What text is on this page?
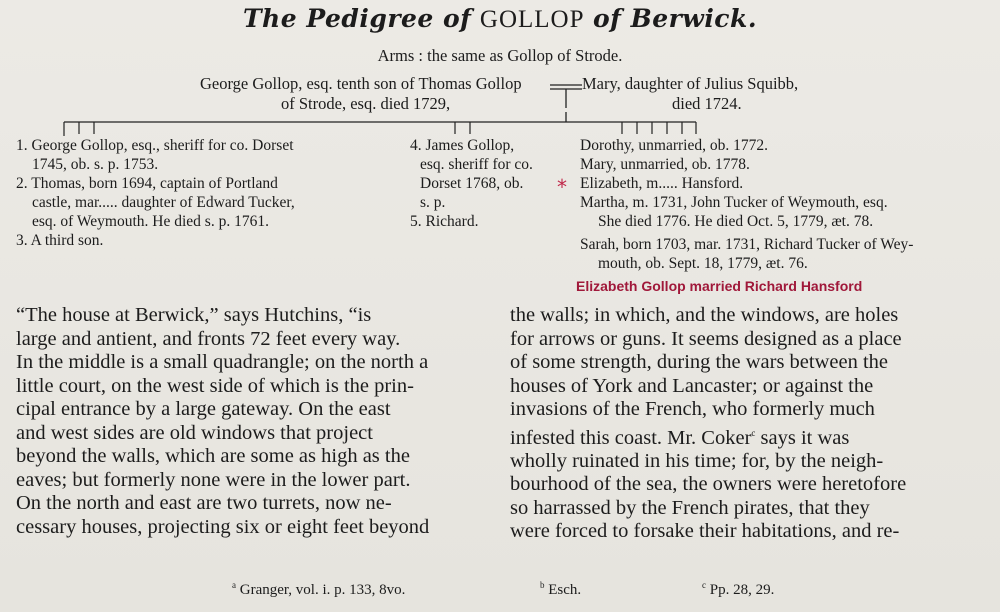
The Pedigree of GOLLOP of Berwick.
Arms : the same as Gollop of Strode.
George Gollop, esq. tenth son of Thomas Gollop
of Strode, esq. died 1729,
Mary, daughter of Julius Squibb,
died 1724.
1. George Gollop, esq., sheriff for co. Dorset
1745, ob. s. p. 1753.
2. Thomas, born 1694, captain of Portland
castle, mar..... daughter of Edward Tucker,
esq. of Weymouth. He died s. p. 1761.
3. A third son.
4. James Gollop,
esq. sheriff for co.
Dorset 1768, ob.
s. p.
5. Richard.
Dorothy, unmarried, ob. 1772.
Mary, unmarried, ob. 1778.
Elizabeth, m..... Hansford.
Martha, m. 1731, John Tucker of Weymouth, esq.
She died 1776. He died Oct. 5, 1779, æt. 78.
Sarah, born 1703, mar. 1731, Richard Tucker of Wey-
mouth, ob. Sept. 18, 1779, æt. 76.
*
Elizabeth Gollop married Richard Hansford
“The house at Berwick,” says Hutchins, “is
large and antient, and fronts 72 feet every way.
In the middle is a small quadrangle; on the north a
little court, on the west side of which is the prin-
cipal entrance by a large gateway. On the east
and west sides are old windows that project
beyond the walls, which are some as high as the
eaves; but formerly none were in the lower part.
On the north and east are two turrets, now ne-
cessary houses, projecting six or eight feet beyond
the walls; in which, and the windows, are holes
for arrows or guns. It seems designed as a place
of some strength, during the wars between the
houses of York and Lancaster; or against the
invasions of the French, who formerly much
infested this coast. Mr. Coker$^c$ says it was
wholly ruinated in his time; for, by the neigh-
bourhood of the sea, the owners were heretofore
so harrassed by the French pirates, that they
were forced to forsake their habitations, and re-
$^a$ Granger, vol. i. p. 133, 8vo.	$^b$ Esch.	$^c$ Pp. 28, 29.
